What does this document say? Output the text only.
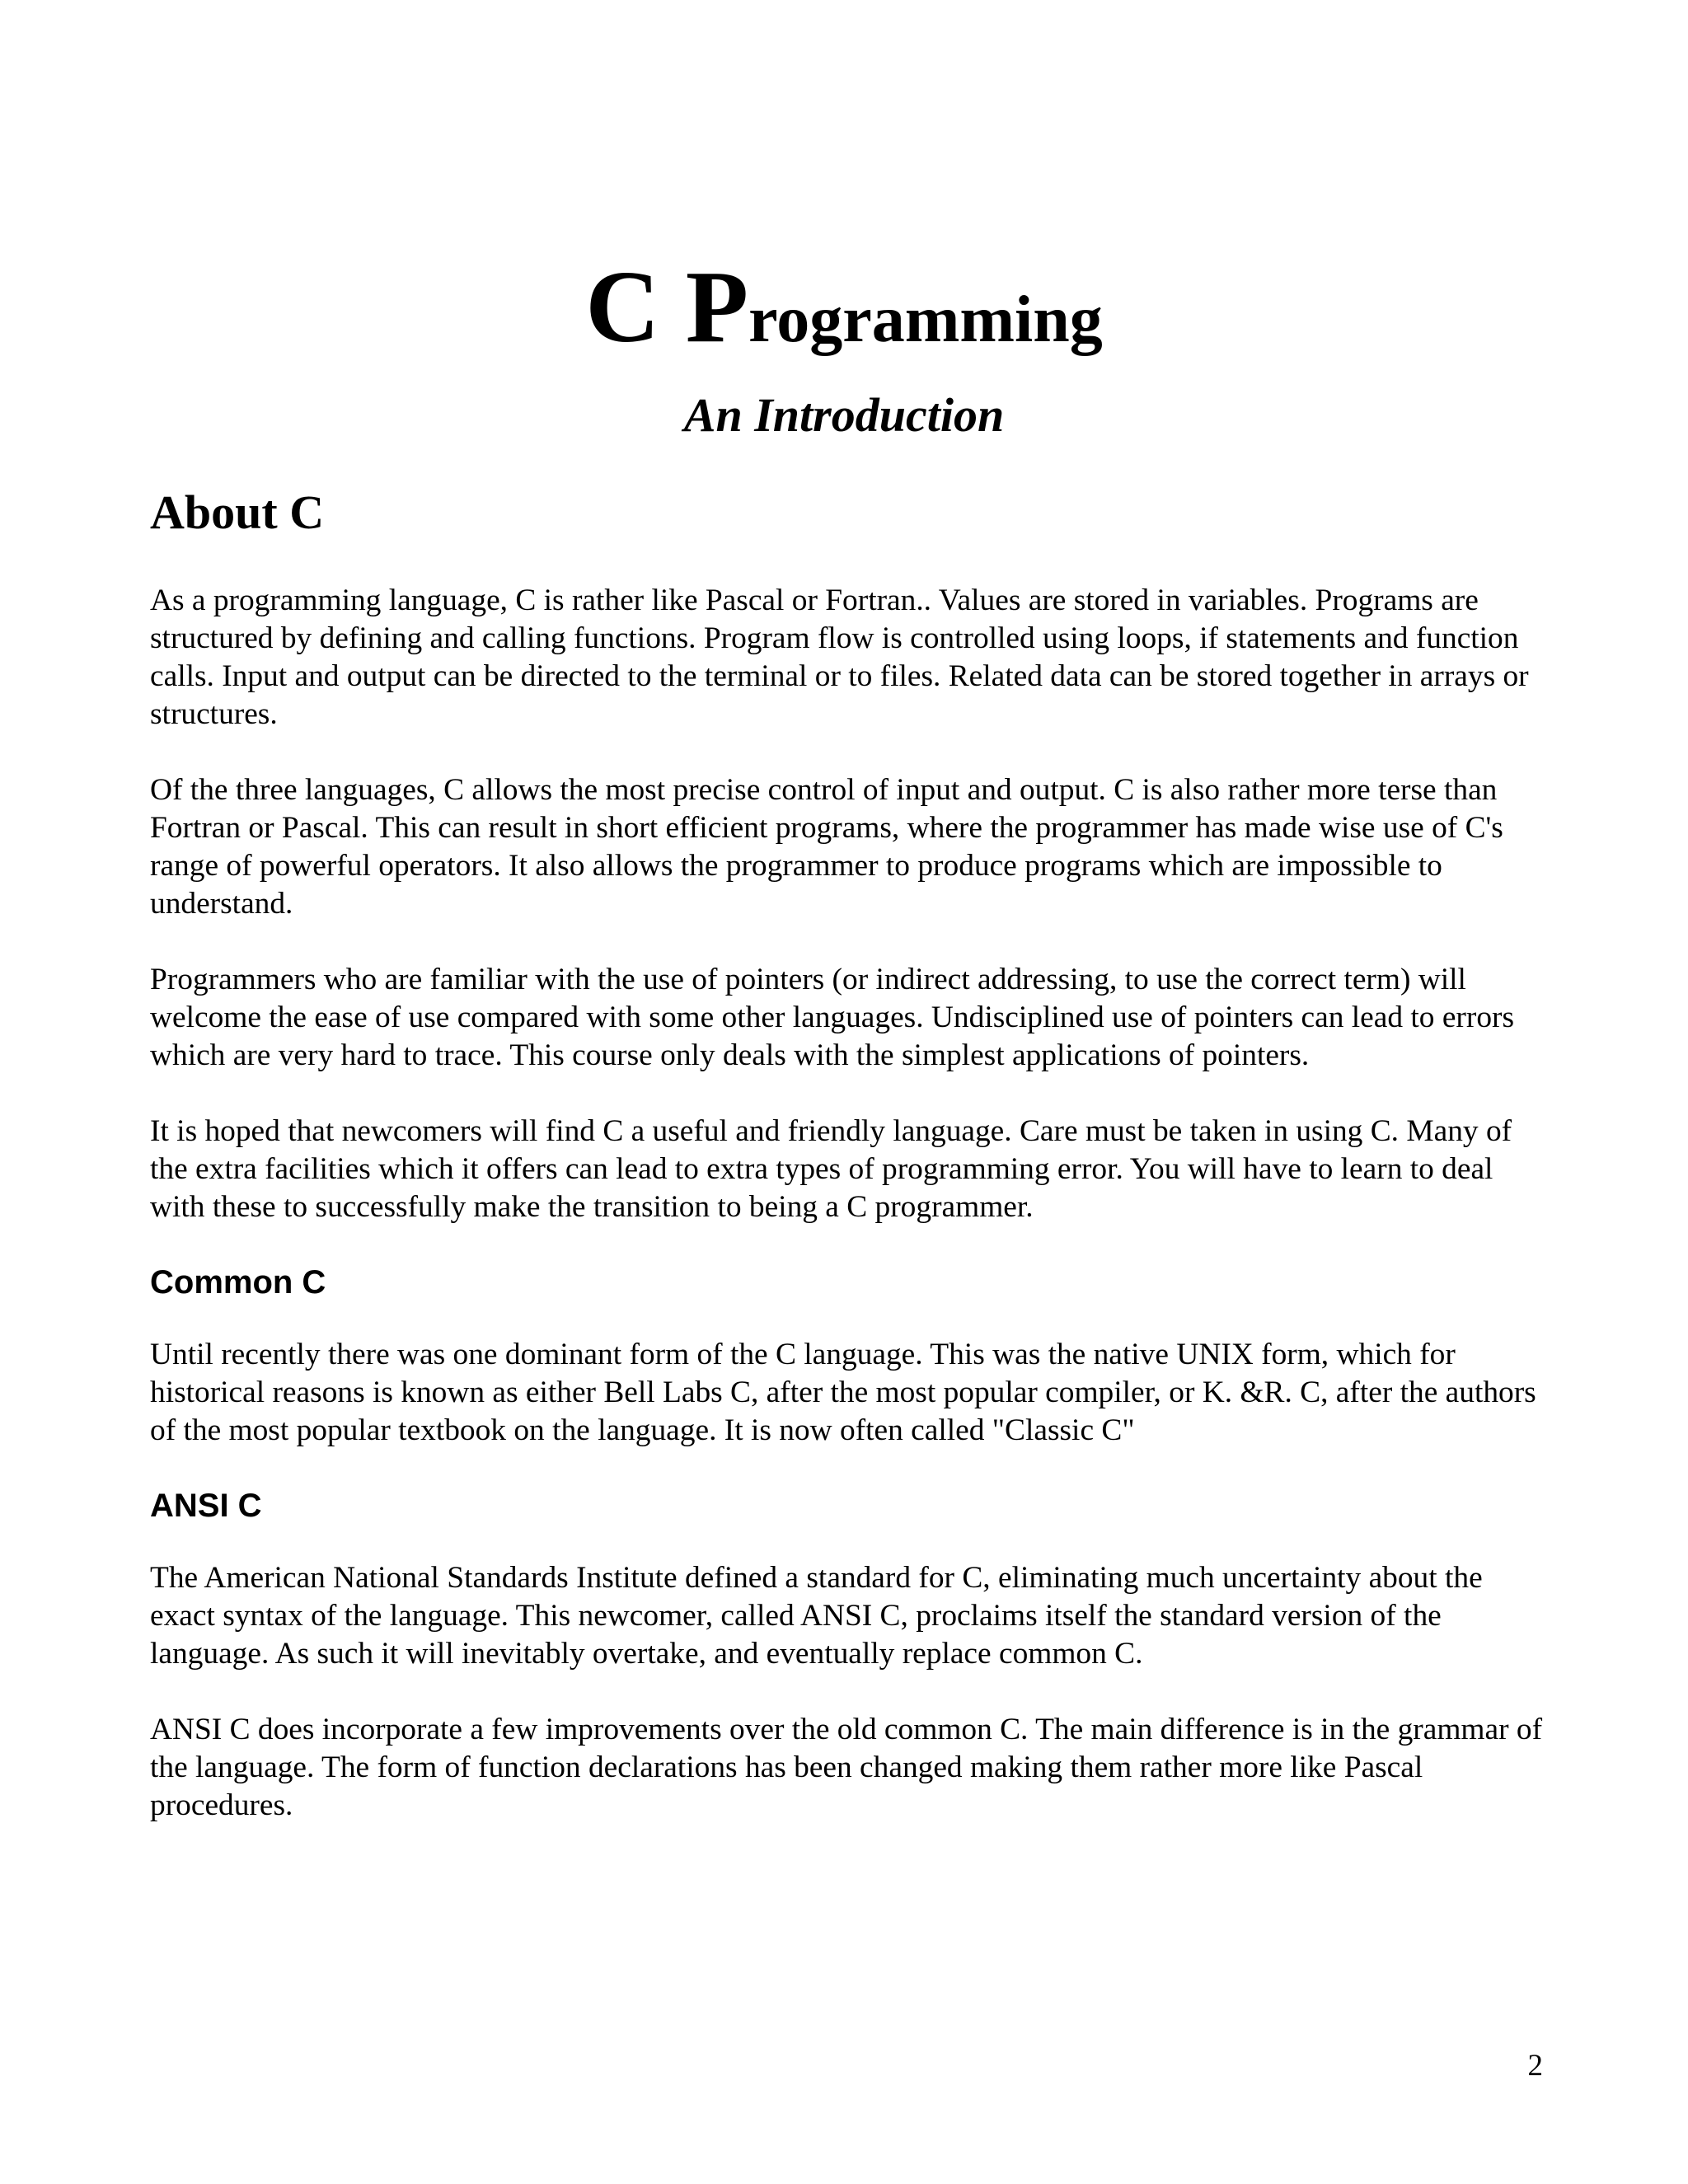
C Programming
An Introduction
About C

As a programming language, C is rather like Pascal or Fortran.. Values are stored in variables. Programs are structured by defining and calling functions. Program flow is controlled using loops, if statements and function calls. Input and output can be directed to the terminal or to files. Related data can be stored together in arrays or structures.

Of the three languages, C allows the most precise control of input and output. C is also rather more terse than Fortran or Pascal. This can result in short efficient programs, where the programmer has made wise use of C's range of powerful operators. It also allows the programmer to produce programs which are impossible to understand.

Programmers who are familiar with the use of pointers (or indirect addressing, to use the correct term) will welcome the ease of use compared with some other languages. Undisciplined use of pointers can lead to errors which are very hard to trace. This course only deals with the simplest applications of pointers.

It is hoped that newcomers will find C a useful and friendly language. Care must be taken in using C. Many of the extra facilities which it offers can lead to extra types of programming error. You will have to learn to deal with these to successfully make the transition to being a C programmer.

Common C

Until recently there was one dominant form of the C language. This was the native UNIX form, which for historical reasons is known as either Bell Labs C, after the most popular compiler, or K. &R. C, after the authors of the most popular textbook on the language. It is now often called "Classic C"

ANSI C

The American National Standards Institute defined a standard for C, eliminating much uncertainty about the exact syntax of the language. This newcomer, called ANSI C, proclaims itself the standard version of the language. As such it will inevitably overtake, and eventually replace common C.

ANSI C does incorporate a few improvements over the old common C. The main difference is in the grammar of the language. The form of function declarations has been changed making them rather more like Pascal procedures.

2
